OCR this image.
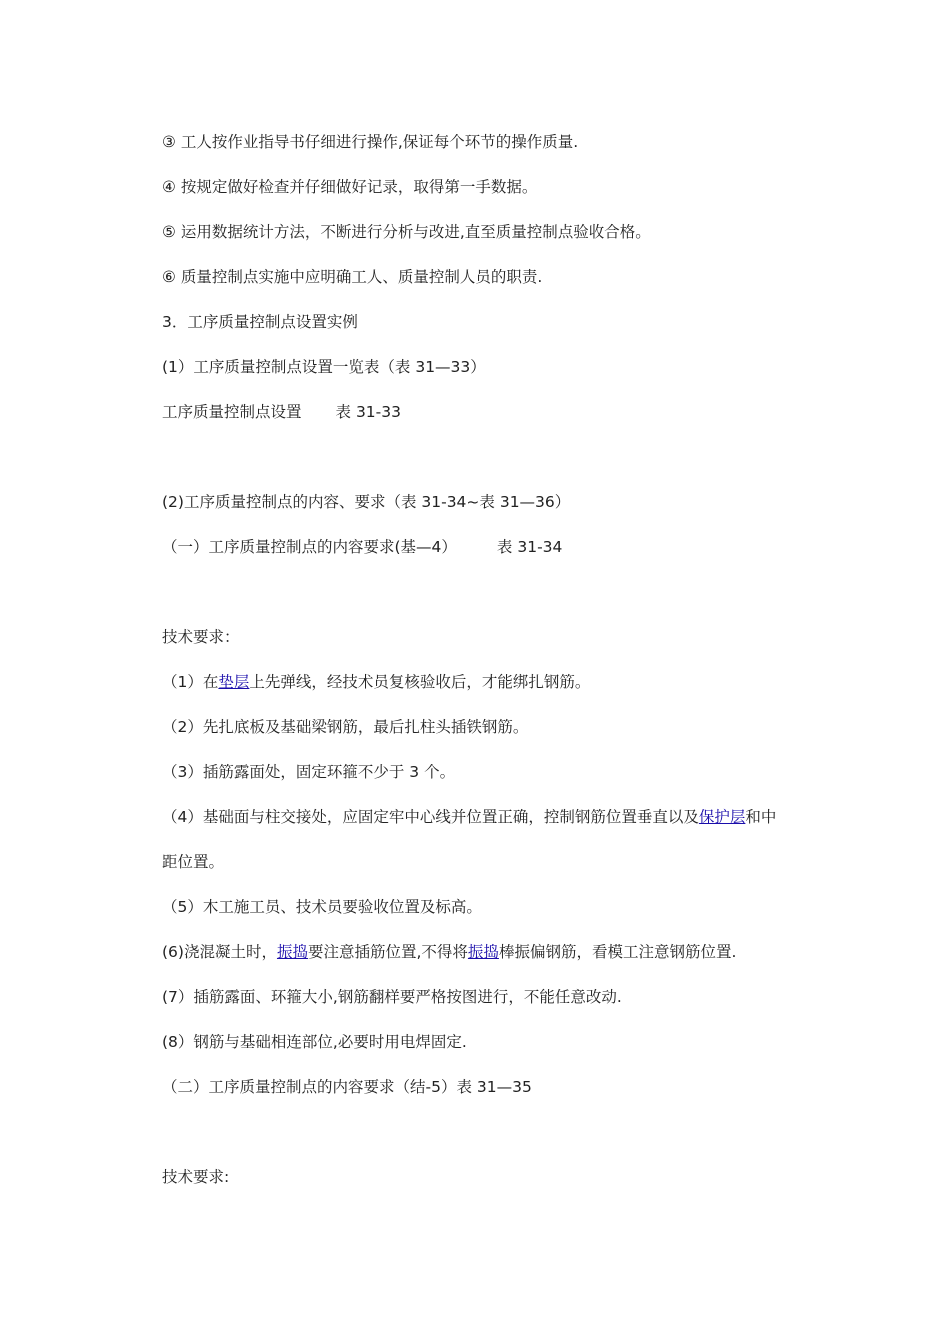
③ 工人按作业指导书仔细进行操作,保证每个环节的操作质量.
④ 按规定做好检查并仔细做好记录，取得第一手数据。
⑤ 运用数据统计方法，不断进行分析与改进,直至质量控制点验收合格。
⑥ 质量控制点实施中应明确工人、质量控制人员的职责.
3．工序质量控制点设置实例
(1）工序质量控制点设置一览表（表 31—33）
工序质量控制点设置 表 31-33
(2)工序质量控制点的内容、要求（表 31-34~表 31—36）
（一）工序质量控制点的内容要求(基—4）	表 31-34
技术要求：
（1）在垫层上先弹线，经技术员复核验收后，才能绑扎钢筋。
（2）先扎底板及基础梁钢筋，最后扎柱头插铁钢筋。
（3）插筋露面处，固定环箍不少于 3 个。
（4）基础面与柱交接处，应固定牢中心线并位置正确，控制钢筋位置垂直以及保护层和中
距位置。
（5）木工施工员、技术员要验收位置及标高。
(6)浇混凝土时，振捣要注意插筋位置,不得将振捣棒振偏钢筋，看模工注意钢筋位置.
(7）插筋露面、环箍大小,钢筋翻样要严格按图进行，不能任意改动.
(8）钢筋与基础相连部位,必要时用电焊固定.
（二）工序质量控制点的内容要求（结-5）表 31—35
技术要求:
